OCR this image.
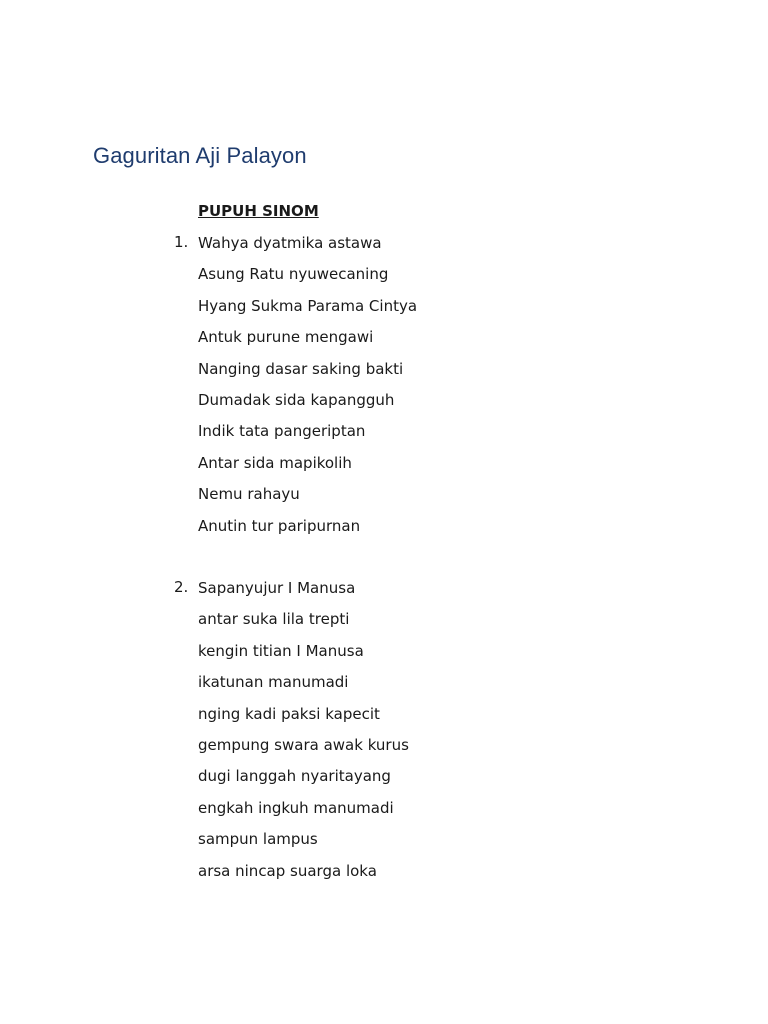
Gaguritan Aji Palayon
PUPUH SINOM
1. Wahya dyatmika astawa
Asung Ratu nyuwecaning
Hyang Sukma Parama Cintya
Antuk purune mengawi
Nanging dasar saking bakti
Dumadak sida kapangguh
Indik tata pangeriptan
Antar sida mapikolih
Nemu rahayu
Anutin tur paripurnan
2. Sapanyujur I Manusa
antar suka lila trepti
kengin titian I Manusa
ikatunan manumadi
nging kadi paksi kapecit
gempung swara awak kurus
dugi langgah nyaritayang
engkah ingkuh manumadi
sampun lampus
arsa nincap suarga loka
